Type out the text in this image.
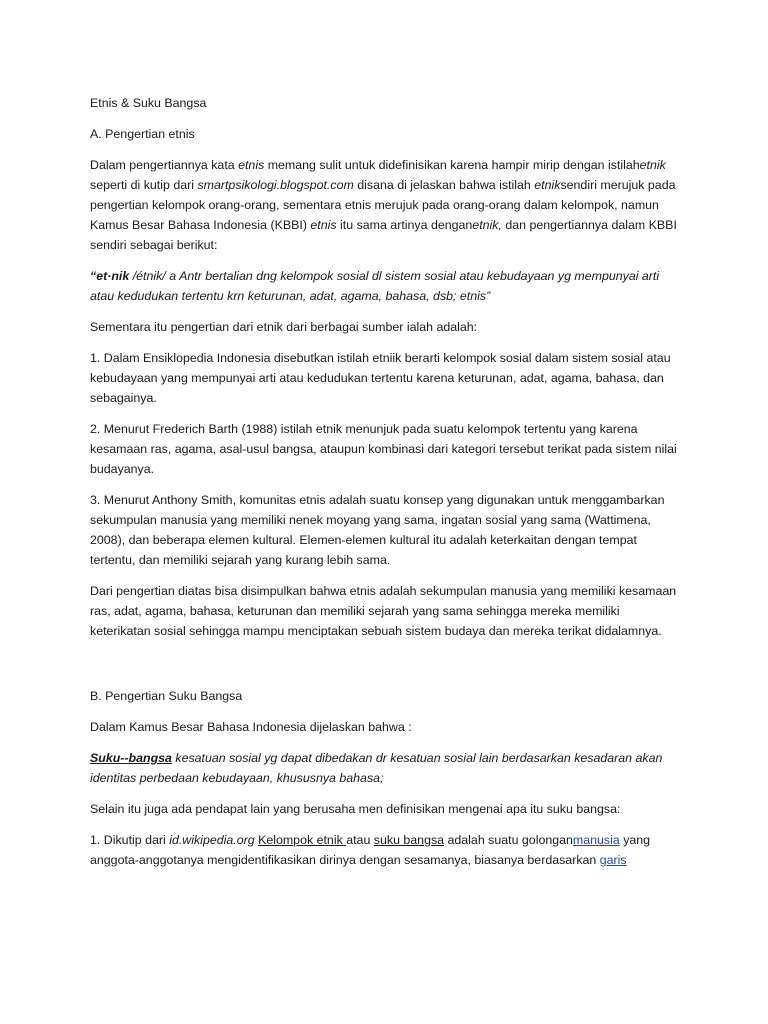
Etnis & Suku Bangsa

A. Pengertian etnis

Dalam pengertiannya kata etnis memang sulit untuk didefinisikan karena hampir mirip dengan istilahetnik seperti di kutip dari smartpsikologi.blogspot.com disana di jelaskan bahwa istilah etniksendiri merujuk pada pengertian kelompok orang-orang, sementara etnis merujuk pada orang-orang dalam kelompok, namun Kamus Besar Bahasa Indonesia (KBBI) etnis itu sama artinya denganetnik, dan pengertiannya dalam KBBI sendiri sebagai berikut:

“et·nik /étnik/ a Antr bertalian dng kelompok sosial dl sistem sosial atau kebudayaan yg mempunyai arti atau kedudukan tertentu krn keturunan, adat, agama, bahasa, dsb; etnis”

Sementara itu pengertian dari etnik dari berbagai sumber ialah adalah:

1. Dalam Ensiklopedia Indonesia disebutkan istilah etniik berarti kelompok sosial dalam sistem sosial atau kebudayaan yang mempunyai arti atau kedudukan tertentu karena keturunan, adat, agama, bahasa, dan sebagainya.

2. Menurut Frederich Barth (1988) istilah etnik menunjuk pada suatu kelompok tertentu yang karena kesamaan ras, agama, asal-usul bangsa, ataupun kombinasi dari kategori tersebut terikat pada sistem nilai budayanya.

3. Menurut Anthony Smith, komunitas etnis adalah suatu konsep yang digunakan untuk menggambarkan sekumpulan manusia yang memiliki nenek moyang yang sama, ingatan sosial yang sama (Wattimena, 2008), dan beberapa elemen kultural. Elemen-elemen kultural itu adalah keterkaitan dengan tempat tertentu, dan memiliki sejarah yang kurang lebih sama.

Dari pengertian diatas bisa disimpulkan bahwa etnis adalah sekumpulan manusia yang memiliki kesamaan ras, adat, agama, bahasa, keturunan dan memiliki sejarah yang sama sehingga mereka memiliki keterikatan sosial sehingga mampu menciptakan sebuah sistem budaya dan mereka terikat didalamnya.

B. Pengertian Suku Bangsa

Dalam Kamus Besar Bahasa Indonesia dijelaskan bahwa :

Suku--bangsa kesatuan sosial yg dapat dibedakan dr kesatuan sosial lain berdasarkan kesadaran akan identitas perbedaan kebudayaan, khususnya bahasa;

Selain itu juga ada pendapat lain yang berusaha men definisikan mengenai apa itu suku bangsa:

1. Dikutip dari id.wikipedia.org Kelompok etnik atau suku bangsa adalah suatu golonganmanusia yang anggota-anggotanya mengidentifikasikan dirinya dengan sesamanya, biasanya berdasarkan garis
